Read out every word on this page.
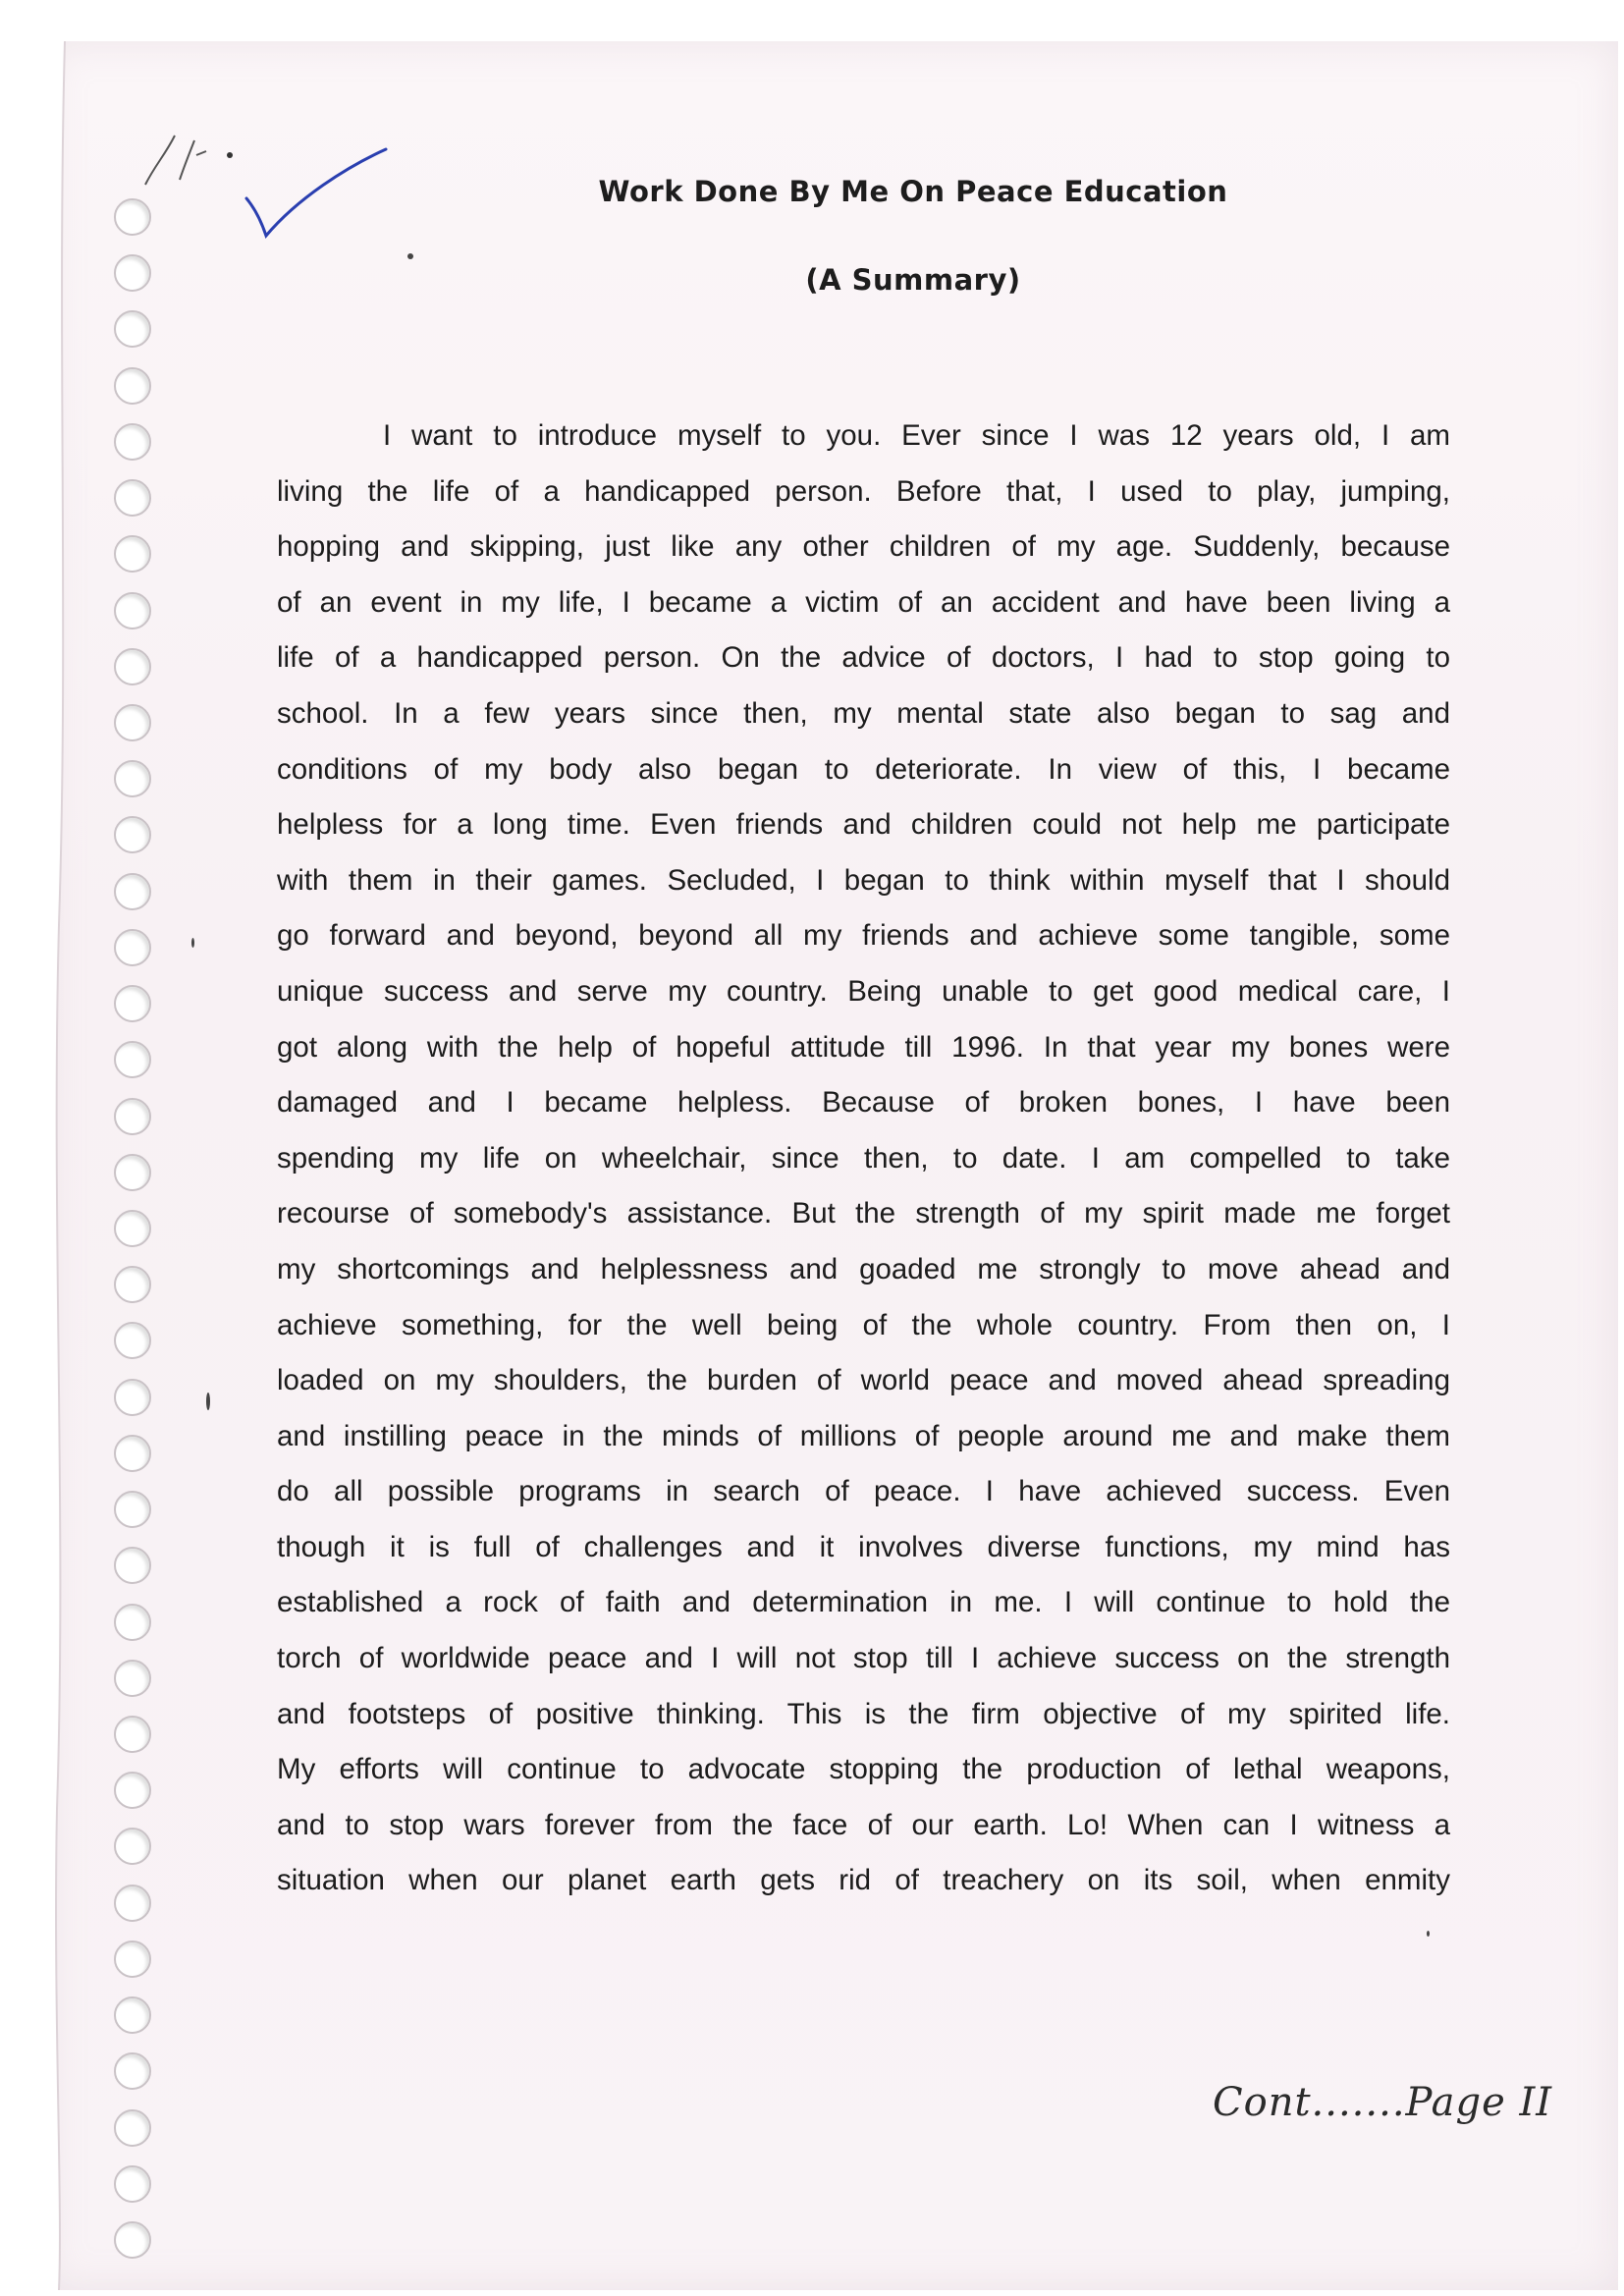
Work Done By Me On Peace Education
(A Summary)
I want to introduce myself to you. Ever since I was 12 years old, I am
living the life of a handicapped person. Before that, I used to play, jumping,
hopping and skipping, just like any other children of my age. Suddenly, because
of an event in my life, I became a victim of an accident and have been living a
life of a handicapped person. On the advice of doctors, I had to stop going to
school. In a few years since then, my mental state also began to sag and
conditions of my body also began to deteriorate. In view of this, I became
helpless for a long time. Even friends and children could not help me participate
with them in their games. Secluded, I began to think within myself that I should
go forward and beyond, beyond all my friends and achieve some tangible, some
unique success and serve my country. Being unable to get good medical care, I
got along with the help of hopeful attitude till 1996. In that year my bones were
damaged and I became helpless. Because of broken bones, I have been
spending my life on wheelchair, since then, to date. I am compelled to take
recourse of somebody's assistance. But the strength of my spirit made me forget
my shortcomings and helplessness and goaded me strongly to move ahead and
achieve something, for the well being of the whole country. From then on, I
loaded on my shoulders, the burden of world peace and moved ahead spreading
and instilling peace in the minds of millions of people around me and make them
do all possible programs in search of peace. I have achieved success. Even
though it is full of challenges and it involves diverse functions, my mind has
established a rock of faith and determination in me. I will continue to hold the
torch of worldwide peace and I will not stop till I achieve success on the strength
and footsteps of positive thinking. This is the firm objective of my spirited life.
My efforts will continue to advocate stopping the production of lethal weapons,
and to stop wars forever from the face of our earth. Lo! When can I witness a
situation when our planet earth gets rid of treachery on its soil, when enmity
Cont.......Page II
